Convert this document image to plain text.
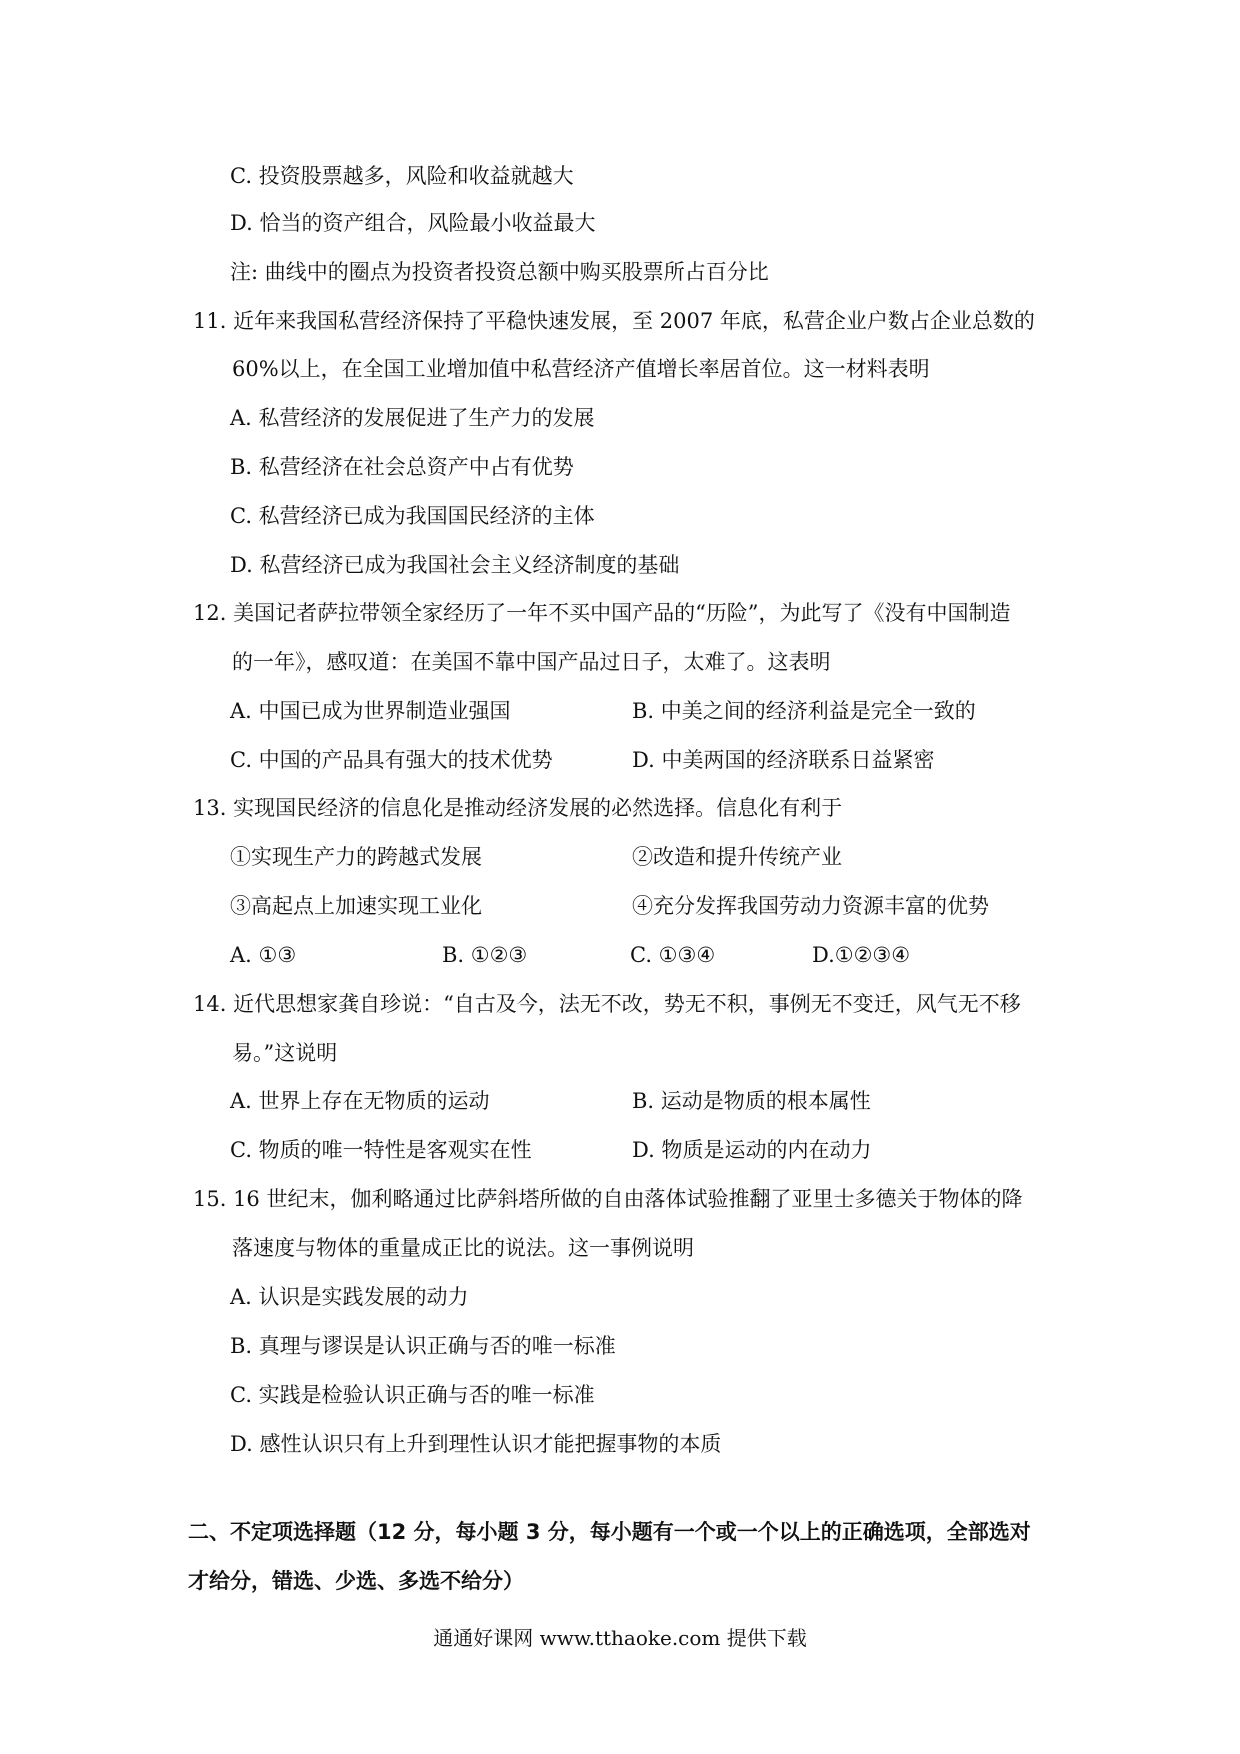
C. 投资股票越多，风险和收益就越大
D. 恰当的资产组合，风险最小收益最大
注: 曲线中的圈点为投资者投资总额中购买股票所占百分比
11. 近年来我国私营经济保持了平稳快速发展，至 2007 年底，私营企业户数占企业总数的
60%以上，在全国工业增加值中私营经济产值增长率居首位。这一材料表明
A. 私营经济的发展促进了生产力的发展
B. 私营经济在社会总资产中占有优势
C. 私营经济已成为我国国民经济的主体
D. 私营经济已成为我国社会主义经济制度的基础
12. 美国记者萨拉带领全家经历了一年不买中国产品的“历险”，为此写了《没有中国制造
的一年》，感叹道：在美国不靠中国产品过日子，太难了。这表明
A. 中国已成为世界制造业强国	B. 中美之间的经济利益是完全一致的
C. 中国的产品具有强大的技术优势	D. 中美两国的经济联系日益紧密
13. 实现国民经济的信息化是推动经济发展的必然选择。信息化有利于
①实现生产力的跨越式发展	②改造和提升传统产业
③高起点上加速实现工业化	④充分发挥我国劳动力资源丰富的优势
A. ①③	B. ①②③	C. ①③④	D.①②③④
14. 近代思想家龚自珍说：“自古及今，法无不改，势无不积，事例无不变迁，风气无不移
易。”这说明
A. 世界上存在无物质的运动	B. 运动是物质的根本属性
C. 物质的唯一特性是客观实在性	D. 物质是运动的内在动力
15. 16 世纪末，伽利略通过比萨斜塔所做的自由落体试验推翻了亚里士多德关于物体的降
落速度与物体的重量成正比的说法。这一事例说明
A. 认识是实践发展的动力
B. 真理与谬误是认识正确与否的唯一标准
C. 实践是检验认识正确与否的唯一标准
D. 感性认识只有上升到理性认识才能把握事物的本质
二、不定项选择题（12 分，每小题 3 分，每小题有一个或一个以上的正确选项，全部选对
才给分，错选、少选、多选不给分）
通通好课网 www.tthaoke.com 提供下载
